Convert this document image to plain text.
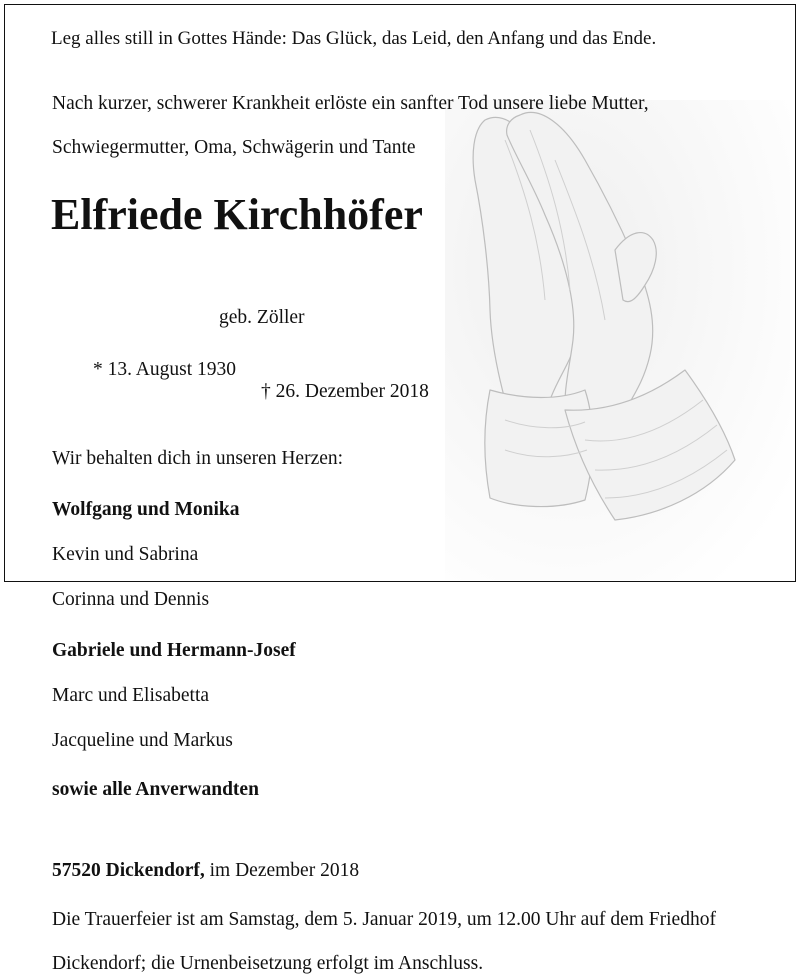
Leg alles still in Gottes Hände: Das Glück, das Leid, den Anfang und das Ende.
Nach kurzer, schwerer Krankheit erlöste ein sanfter Tod unsere liebe Mutter,
Schwiegermutter, Oma, Schwägerin und Tante
Elfriede Kirchhöfer
geb. Zöller
* 13. August 1930
† 26. Dezember 2018
Wir behalten dich in unseren Herzen:
Wolfgang und Monika
Kevin und Sabrina
Corinna und Dennis
Gabriele und Hermann-Josef
Marc und Elisabetta
Jacqueline und Markus
sowie alle Anverwandten
57520 Dickendorf, im Dezember 2018
Die Trauerfeier ist am Samstag, dem 5. Januar 2019, um 12.00 Uhr auf dem Friedhof
Dickendorf; die Urnenbeisetzung erfolgt im Anschluss.
